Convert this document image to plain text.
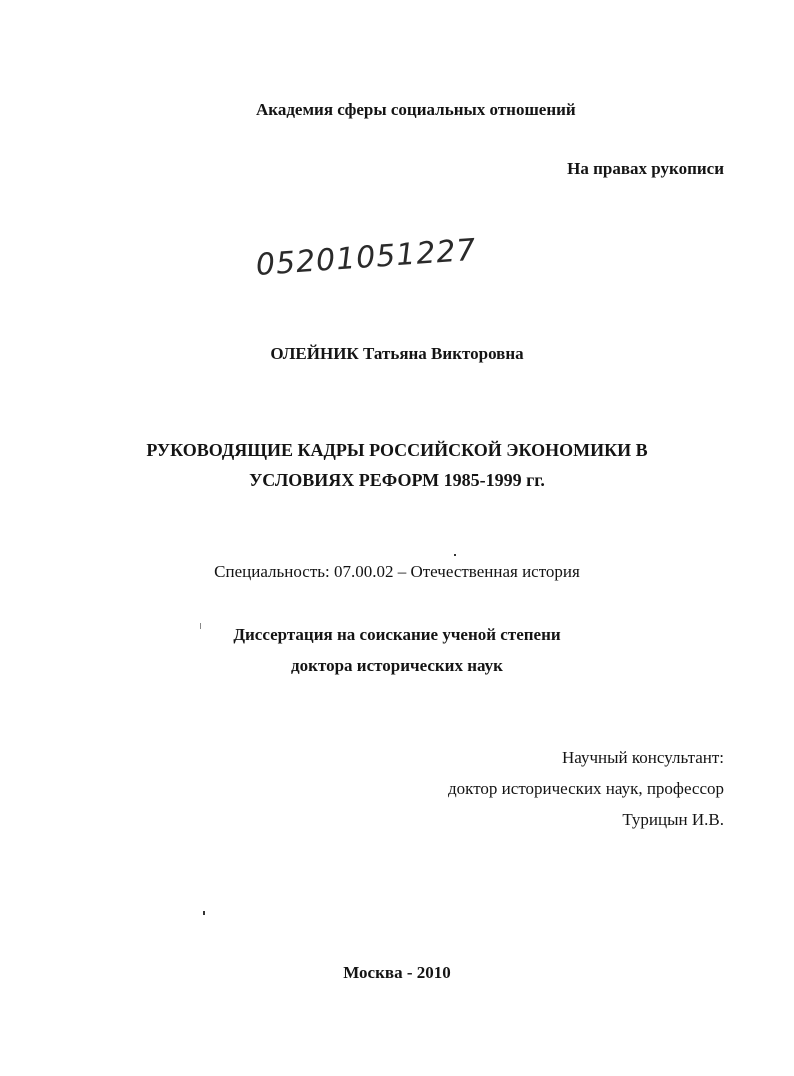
Академия сферы социальных отношений
На правах рукописи
05201051227
ОЛЕЙНИК Татьяна Викторовна
РУКОВОДЯЩИЕ КАДРЫ РОССИЙСКОЙ ЭКОНОМИКИ В
УСЛОВИЯХ РЕФОРМ 1985-1999 гг.
Специальность: 07.00.02 – Отечественная история
Диссертация на соискание ученой степени
доктора исторических наук
Научный консультант:
доктор исторических наук, профессор
Турицын И.В.
Москва - 2010
